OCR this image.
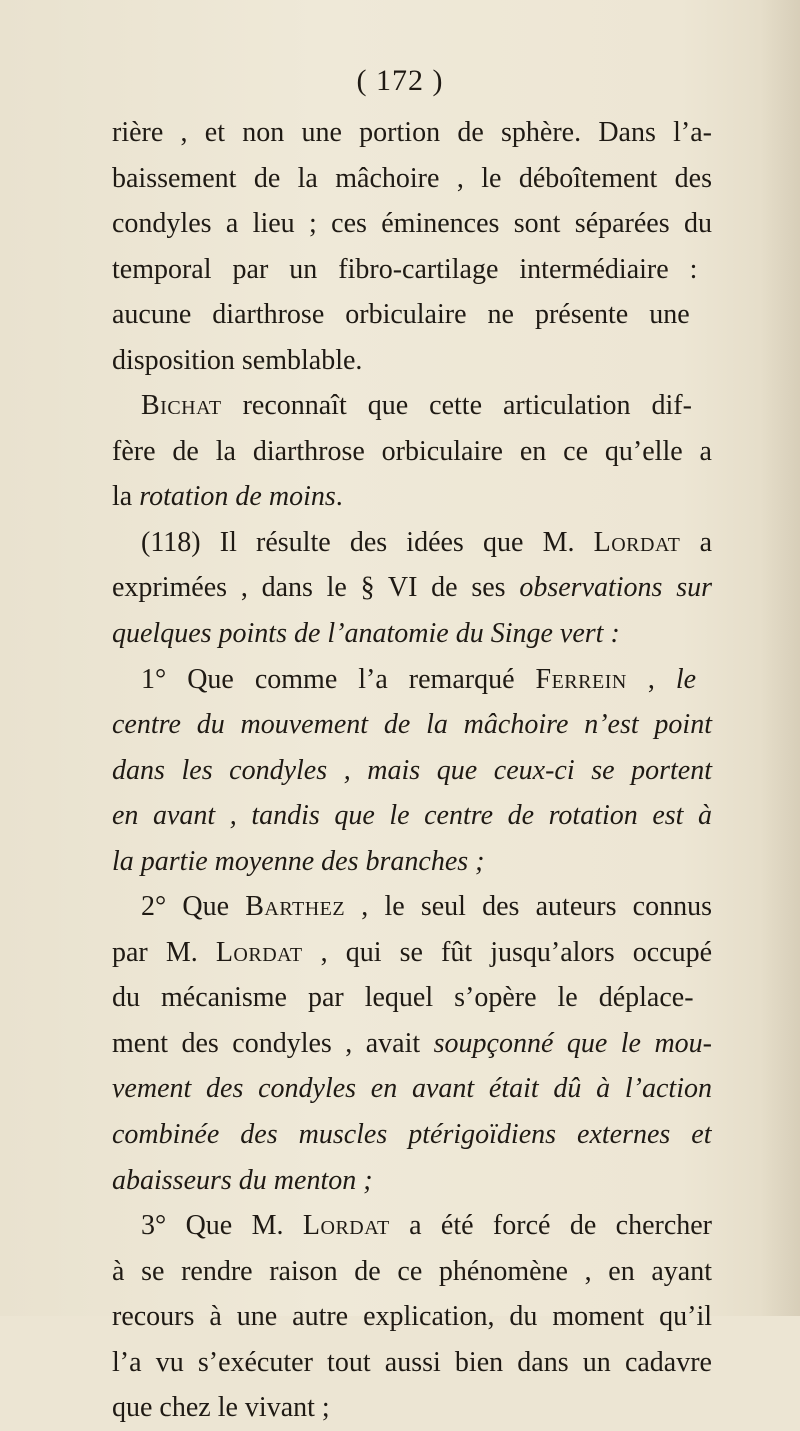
( 172 )
rière , et non une portion de sphère. Dans l’a-
baissement de la mâchoire , le déboîtement des
condyles a lieu ; ces éminences sont séparées du
temporal par un fibro-cartilage intermédiaire :
aucune diarthrose orbiculaire ne présente une
disposition semblable.
Bichat reconnaît que cette articulation dif-
fère de la diarthrose orbiculaire en ce qu’elle a
la rotation de moins.
(118) Il résulte des idées que M. Lordat a
exprimées , dans le § VI de ses observations sur
quelques points de l’anatomie du Singe vert :
1° Que comme l’a remarqué Ferrein , le
centre du mouvement de la mâchoire n’est point
dans les condyles , mais que ceux-ci se portent
en avant , tandis que le centre de rotation est à
la partie moyenne des branches ;
2° Que Barthez , le seul des auteurs connus
par M. Lordat , qui se fût jusqu’alors occupé
du mécanisme par lequel s’opère le déplace-
ment des condyles , avait soupçonné que le mou-
vement des condyles en avant était dû à l’action
combinée des muscles ptérigoïdiens externes et
abaisseurs du menton ;
3° Que M. Lordat a été forcé de chercher
à se rendre raison de ce phénomène , en ayant
recours à une autre explication, du moment qu’il
l’a vu s’exécuter tout aussi bien dans un cadavre
que chez le vivant ;
